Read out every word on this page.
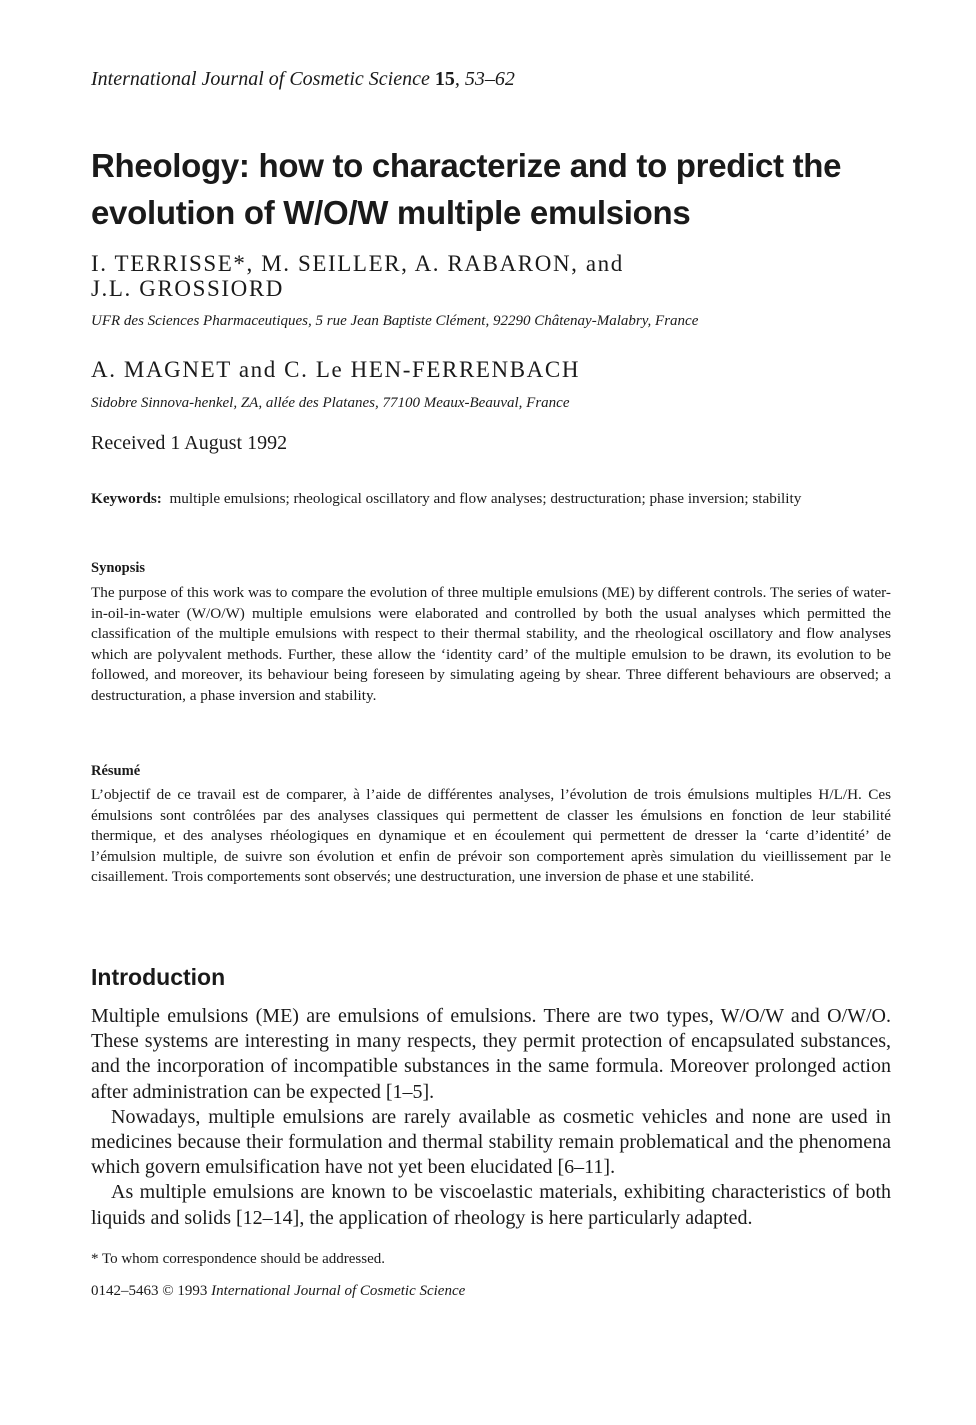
International Journal of Cosmetic Science 15, 53–62
Rheology: how to characterize and to predict the evolution of W/O/W multiple emulsions
I. TERRISSE*, M. SEILLER, A. RABARON, and
J.L. GROSSIORD
UFR des Sciences Pharmaceutiques, 5 rue Jean Baptiste Clément, 92290 Châtenay-Malabry, France
A. MAGNET and C. Le HEN-FERRENBACH
Sidobre Sinnova-henkel, ZA, allée des Platanes, 77100 Meaux-Beauval, France
Received 1 August 1992
Keywords: multiple emulsions; rheological oscillatory and flow analyses; destructuration; phase inversion; stability
Synopsis
The purpose of this work was to compare the evolution of three multiple emulsions (ME) by different controls. The series of water-in-oil-in-water (W/O/W) multiple emulsions were elaborated and controlled by both the usual analyses which permitted the classification of the multiple emulsions with respect to their thermal stability, and the rheological oscillatory and flow analyses which are polyvalent methods. Further, these allow the ‘identity card’ of the multiple emulsion to be drawn, its evolution to be followed, and moreover, its behaviour being foreseen by simulating ageing by shear. Three different behaviours are observed; a destructuration, a phase inversion and stability.
Résumé
L’objectif de ce travail est de comparer, à l’aide de différentes analyses, l’évolution de trois émulsions multiples H/L/H. Ces émulsions sont contrôlées par des analyses classiques qui permettent de classer les émulsions en fonction de leur stabilité thermique, et des analyses rhéologiques en dynamique et en écoulement qui permettent de dresser la ‘carte d’identité’ de l’émulsion multiple, de suivre son évolution et enfin de prévoir son comportement après simulation du vieillissement par le cisaillement. Trois comportements sont observés; une destructuration, une inversion de phase et une stabilité.
Introduction

Multiple emulsions (ME) are emulsions of emulsions. There are two types, W/O/W and O/W/O. These systems are interesting in many respects, they permit protection of encapsulated substances, and the incorporation of incompatible substances in the same formula. Moreover prolonged action after administration can be expected [1–5].

Nowadays, multiple emulsions are rarely available as cosmetic vehicles and none are used in medicines because their formulation and thermal stability remain problematical and the phenomena which govern emulsification have not yet been elucidated [6–11].

As multiple emulsions are known to be viscoelastic materials, exhibiting characteristics of both liquids and solids [12–14], the application of rheology is here particularly adapted.

* To whom correspondence should be addressed.
0142–5463 © 1993 International Journal of Cosmetic Science
